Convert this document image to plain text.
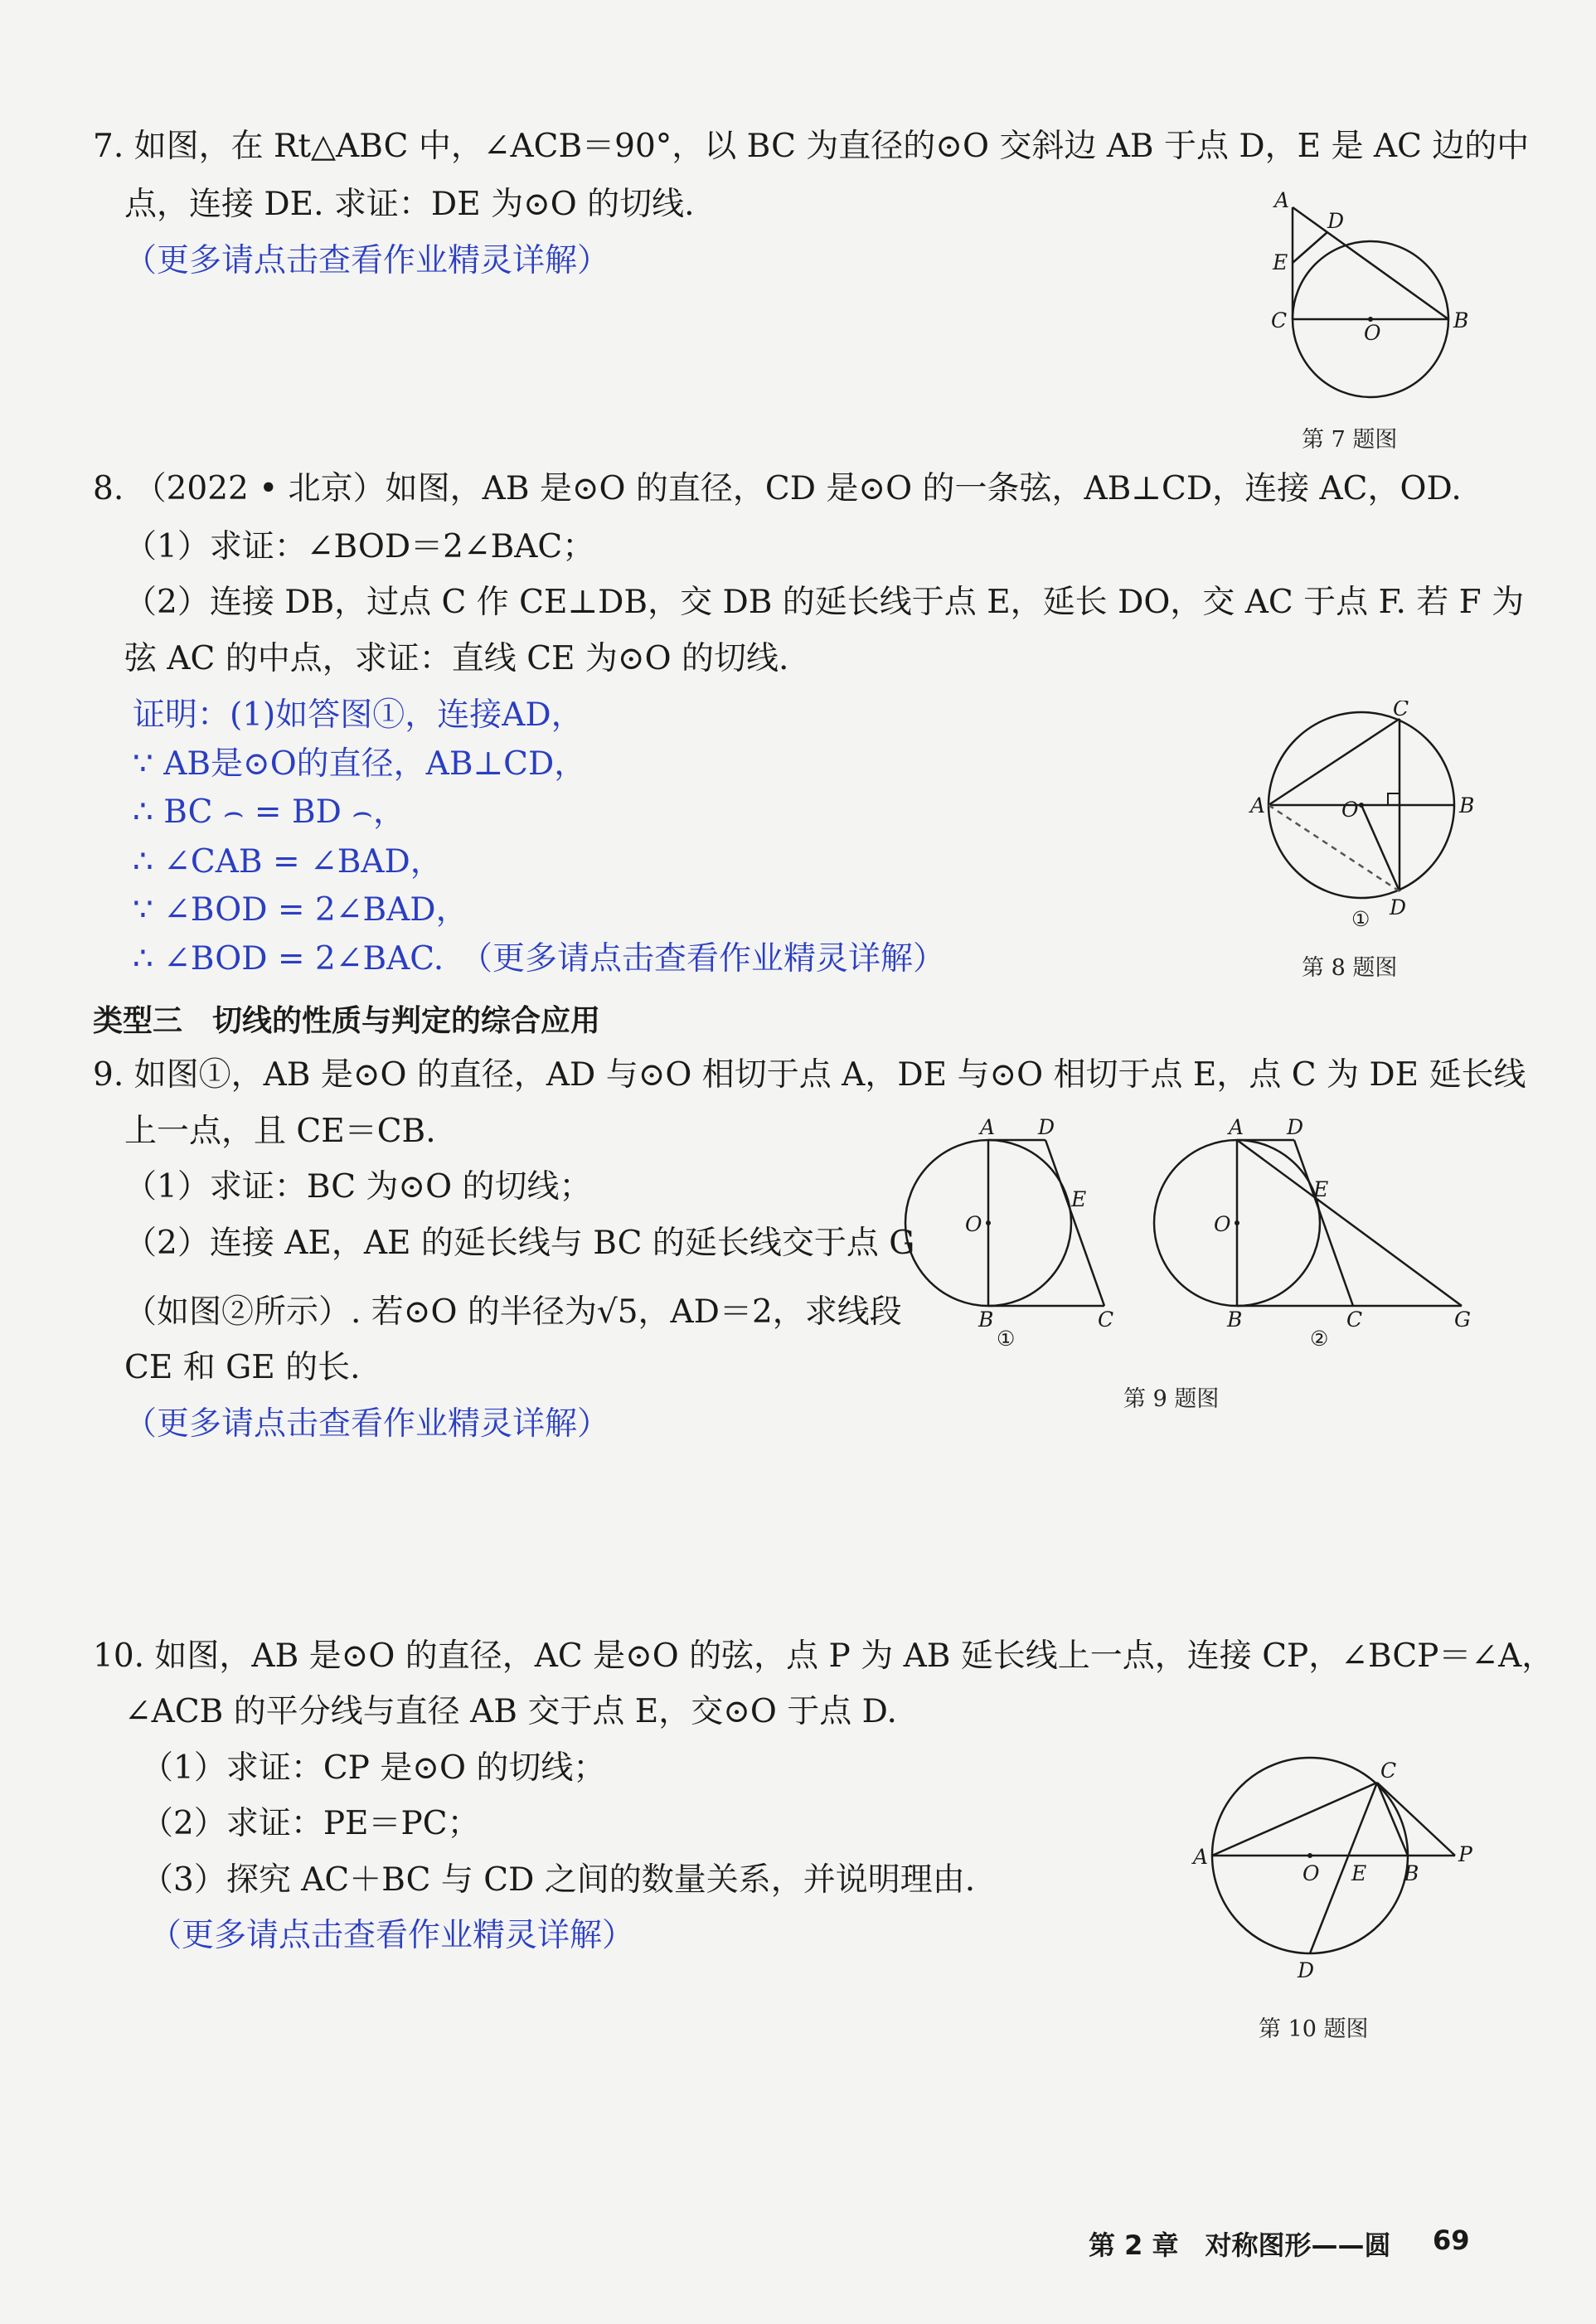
7. 如图，在 Rt△ABC 中，∠ACB＝90°，以 BC 为直径的⊙O 交斜边 AB 于点 D，E 是 AC 边的中
点，连接 DE. 求证：DE 为⊙O 的切线.
（更多请点击查看作业精灵详解）
A
D
E
C
O
B
第 7 题图
8. （2022 • 北京）如图，AB 是⊙O 的直径，CD 是⊙O 的一条弦，AB⊥CD，连接 AC，OD.
（1）求证：∠BOD＝2∠BAC；
（2）连接 DB，过点 C 作 CE⊥DB，交 DB 的延长线于点 E，延长 DO，交 AC 于点 F. 若 F 为
弦 AC 的中点，求证：直线 CE 为⊙O 的切线.
证明：(1)如答图①，连接AD，
∵ AB是⊙O的直径，AB⊥CD，
∴ BC ⌢ = BD ⌢，
∴ ∠CAB = ∠BAD，
∵ ∠BOD = 2∠BAD，
∴ ∠BOD = 2∠BAC. （更多请点击查看作业精灵详解）
A	B
C
D
O
①
第 8 题图
类型三　切线的性质与判定的综合应用
9. 如图①，AB 是⊙O 的直径，AD 与⊙O 相切于点 A，DE 与⊙O 相切于点 E，点 C 为 DE 延长线
上一点，且 CE＝CB.
（1）求证：BC 为⊙O 的切线；
（2）连接 AE，AE 的延长线与 BC 的延长线交于点 G
（如图②所示）. 若⊙O 的半径为√5，AD＝2，求线段
CE 和 GE 的长.
（更多请点击查看作业精灵详解）
A D
E
O
B	C
①
A D
E
O
B	C	G
②
第 9 题图
10. 如图，AB 是⊙O 的直径，AC 是⊙O 的弦，点 P 为 AB 延长线上一点，连接 CP，∠BCP＝∠A，
∠ACB 的平分线与直径 AB 交于点 E，交⊙O 于点 D.
（1）求证：CP 是⊙O 的切线；
（2）求证：PE＝PC；
（3）探究 AC＋BC 与 CD 之间的数量关系，并说明理由.
（更多请点击查看作业精灵详解）
A
O E B
P
C
D
第 10 题图
第 2 章　对称图形——圆 69
